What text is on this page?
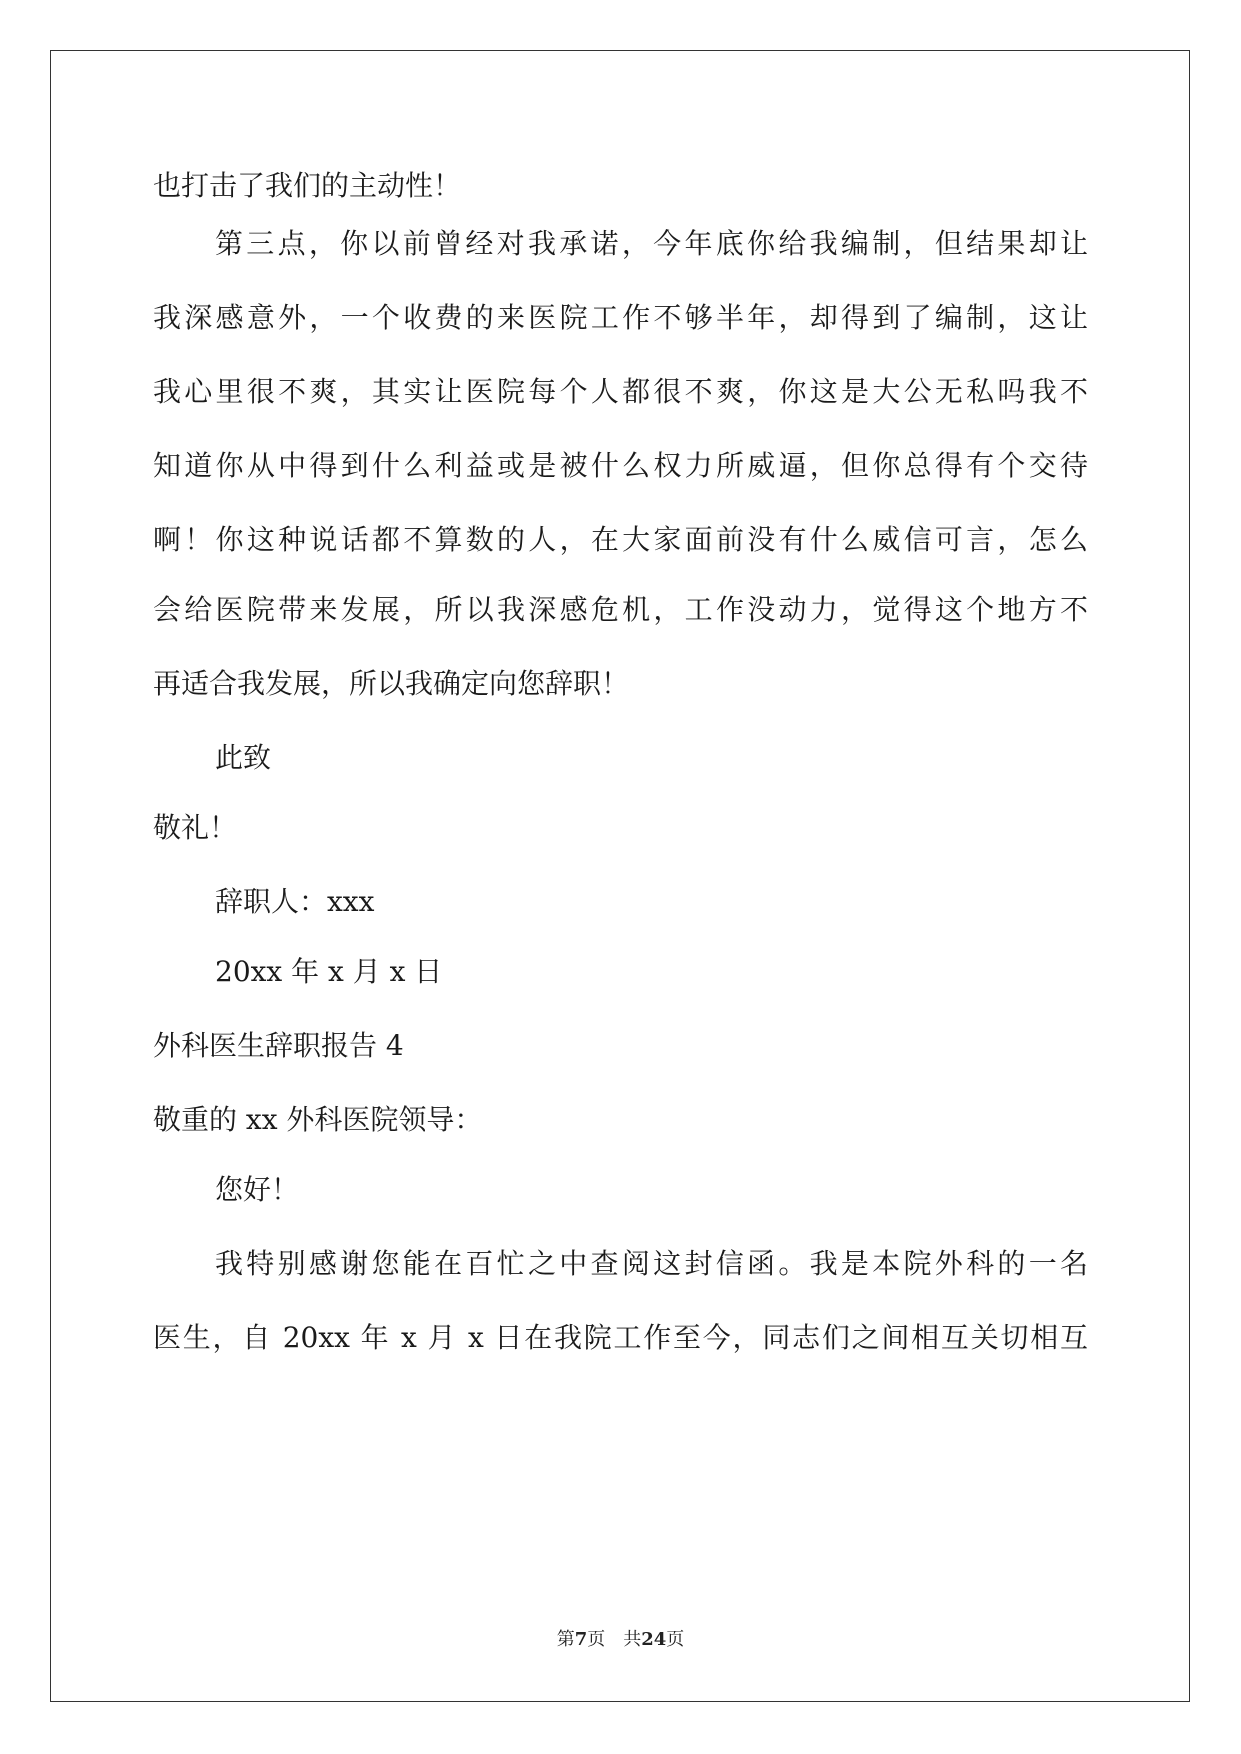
也打击了我们的主动性！
第三点，你以前曾经对我承诺，今年底你给我编制，但结果却让
我深感意外，一个收费的来医院工作不够半年，却得到了编制，这让
我心里很不爽，其实让医院每个人都很不爽，你这是大公无私吗我不
知道你从中得到什么利益或是被什么权力所威逼，但你总得有个交待
啊！你这种说话都不算数的人，在大家面前没有什么威信可言，怎么
会给医院带来发展，所以我深感危机，工作没动力，觉得这个地方不
再适合我发展，所以我确定向您辞职！
此致
敬礼！
辞职人：xxx
20xx 年 x 月 x 日
外科医生辞职报告 4
敬重的 xx 外科医院领导：
您好！
我特别感谢您能在百忙之中查阅这封信函。我是本院外科的一名
医生，自 20xx 年 x 月 x 日在我院工作至今，同志们之间相互关切相互
第7页　共24页
